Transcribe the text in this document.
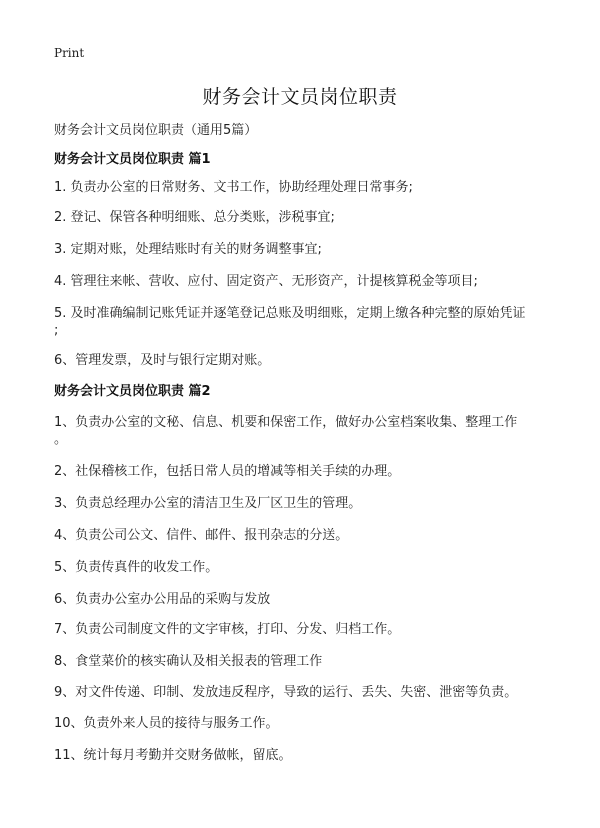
Print
财务会计文员岗位职责
财务会计文员岗位职责（通用5篇）
财务会计文员岗位职责 篇1
1. 负责办公室的日常财务、文书工作，协助经理处理日常事务;
2. 登记、保管各种明细账、总分类账，涉税事宜;
3. 定期对账，处理结账时有关的财务调整事宜;
4. 管理往来帐、营收、应付、固定资产、无形资产，计提核算税金等项目;
5. 及时准确编制记账凭证并逐笔登记总账及明细账，定期上缴各种完整的原始凭证
;
6、管理发票，及时与银行定期对账。
财务会计文员岗位职责 篇2
1、负责办公室的文秘、信息、机要和保密工作，做好办公室档案收集、整理工作
。
2、社保稽核工作，包括日常人员的增减等相关手续的办理。
3、负责总经理办公室的清洁卫生及厂区卫生的管理。
4、负责公司公文、信件、邮件、报刊杂志的分送。
5、负责传真件的收发工作。
6、负责办公室办公用品的采购与发放
7、负责公司制度文件的文字审核，打印、分发、归档工作。
8、食堂菜价的核实确认及相关报表的管理工作
9、对文件传递、印制、发放违反程序，导致的运行、丢失、失密、泄密等负责。
10、负责外来人员的接待与服务工作。
11、统计每月考勤并交财务做帐，留底。
